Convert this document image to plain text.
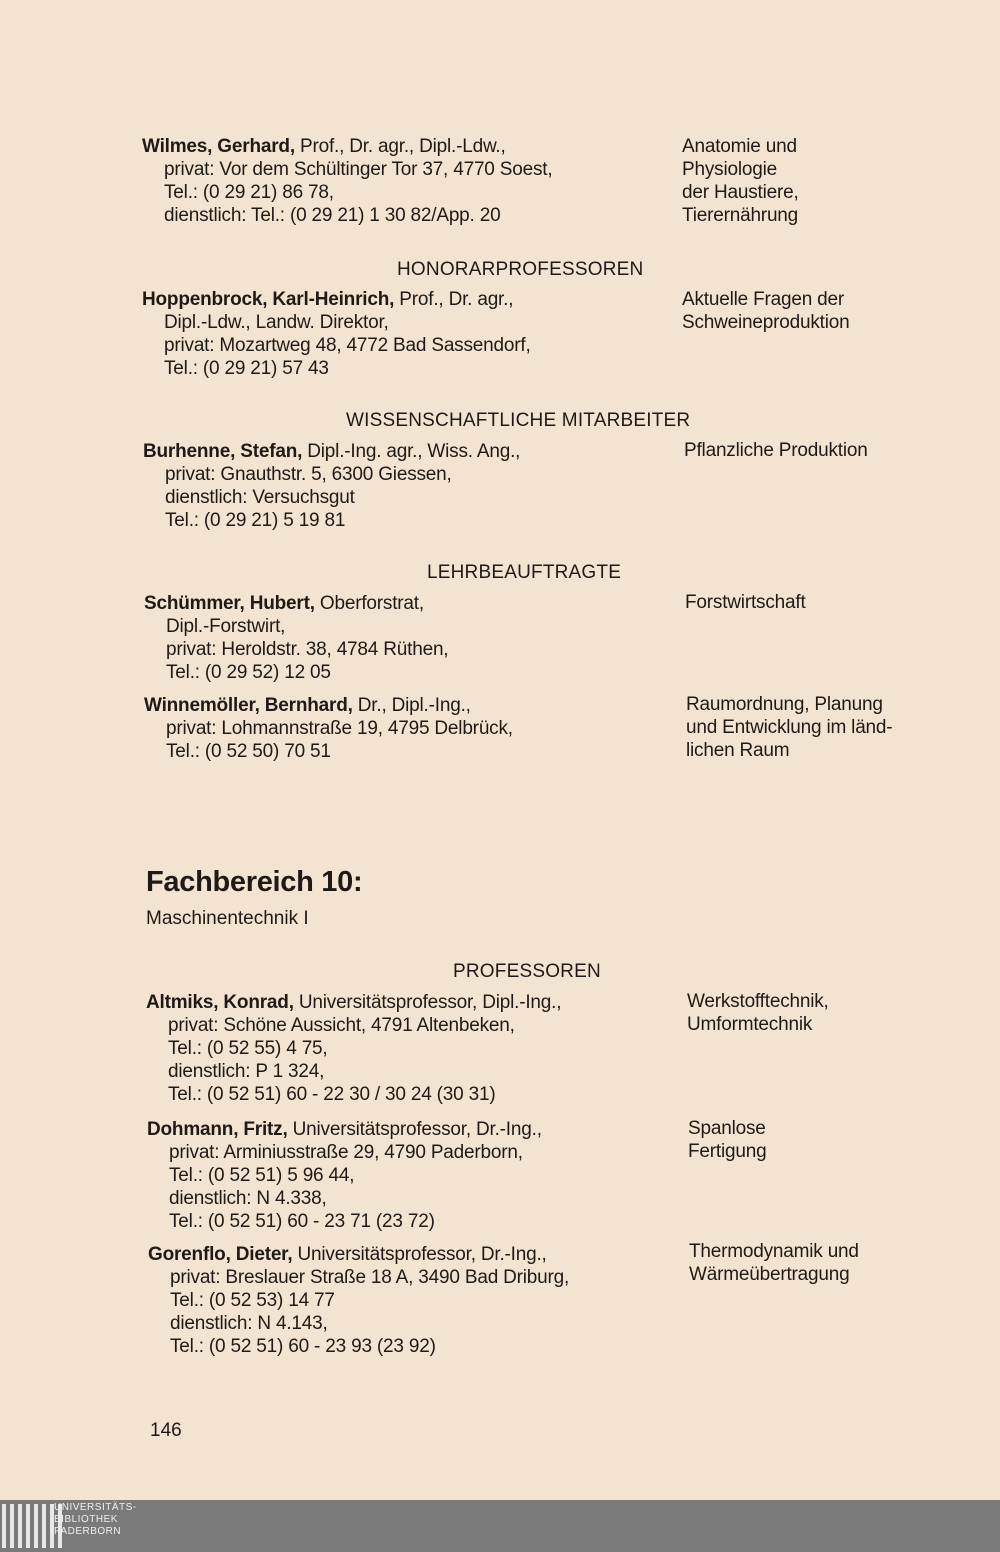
Wilmes, Gerhard, Prof., Dr. agr., Dipl.-Ldw.,
privat: Vor dem Schültinger Tor 37, 4770 Soest,
Tel.: (0 29 21) 86 78,
dienstlich: Tel.: (0 29 21) 1 30 82/App. 20
Anatomie und
Physiologie
der Haustiere,
Tierernährung
HONORARPROFESSOREN
Hoppenbrock, Karl-Heinrich, Prof., Dr. agr.,
Dipl.-Ldw., Landw. Direktor,
privat: Mozartweg 48, 4772 Bad Sassendorf,
Tel.: (0 29 21) 57 43
Aktuelle Fragen der
Schweineproduktion
WISSENSCHAFTLICHE MITARBEITER
Burhenne, Stefan, Dipl.-Ing. agr., Wiss. Ang.,
privat: Gnauthstr. 5, 6300 Giessen,
dienstlich: Versuchsgut
Tel.: (0 29 21) 5 19 81
Pflanzliche Produktion
LEHRBEAUFTRAGTE
Schümmer, Hubert, Oberforstrat,
Dipl.-Forstwirt,
privat: Heroldstr. 38, 4784 Rüthen,
Tel.: (0 29 52) 12 05
Forstwirtschaft
Winnemöller, Bernhard, Dr., Dipl.-Ing.,
privat: Lohmannstraße 19, 4795 Delbrück,
Tel.: (0 52 50) 70 51
Raumordnung, Planung
und Entwicklung im länd-
lichen Raum
Fachbereich 10:
Maschinentechnik I
PROFESSOREN
Altmiks, Konrad, Universitätsprofessor, Dipl.-Ing.,
privat: Schöne Aussicht, 4791 Altenbeken,
Tel.: (0 52 55) 4 75,
dienstlich: P 1 324,
Tel.: (0 52 51) 60 - 22 30 / 30 24 (30 31)
Werkstofftechnik,
Umformtechnik
Dohmann, Fritz, Universitätsprofessor, Dr.-Ing.,
privat: Arminiusstraße 29, 4790 Paderborn,
Tel.: (0 52 51) 5 96 44,
dienstlich: N 4.338,
Tel.: (0 52 51) 60 - 23 71 (23 72)
Spanlose
Fertigung
Gorenflo, Dieter, Universitätsprofessor, Dr.-Ing.,
privat: Breslauer Straße 18 A, 3490 Bad Driburg,
Tel.: (0 52 53) 14 77
dienstlich: N 4.143,
Tel.: (0 52 51) 60 - 23 93 (23 92)
Thermodynamik und
Wärmeübertragung
146
UNIVERSITÄTS-
BIBLIOTHEK
PADERBORN
